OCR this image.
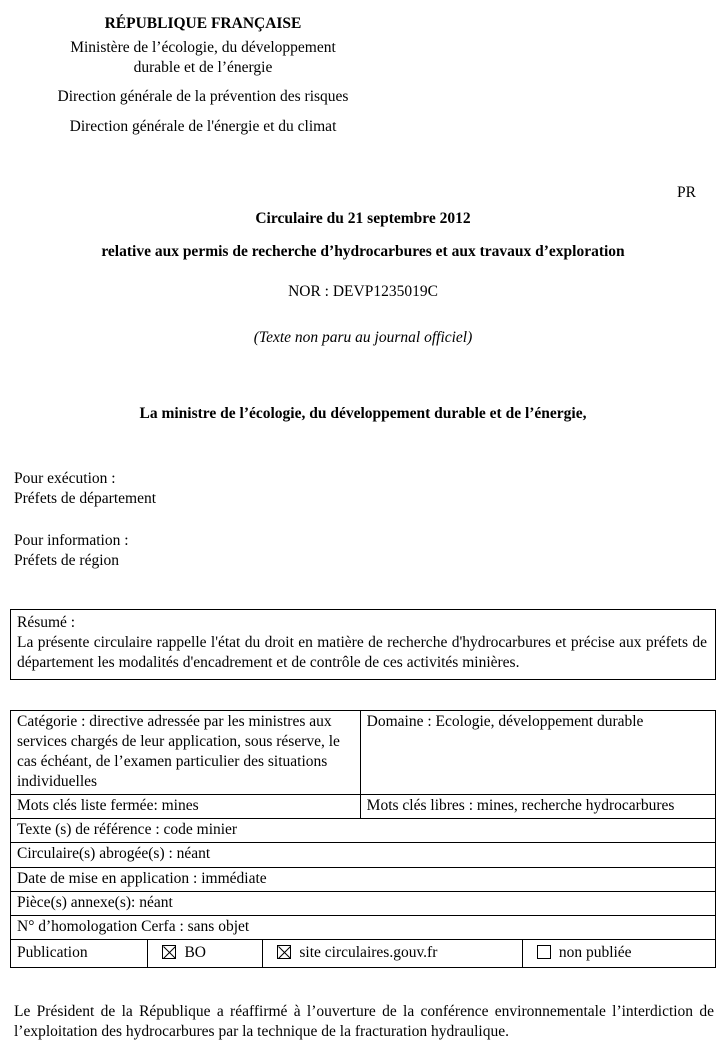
RÉPUBLIQUE FRANÇAISE
Ministère de l’écologie, du développement
durable et de l’énergie
Direction générale de la prévention des risques
Direction générale de l'énergie et du climat
PR
Circulaire du 21 septembre 2012
relative aux permis de recherche d’hydrocarbures et aux travaux d’exploration
NOR : DEVP1235019C
(Texte non paru au journal officiel)
La ministre de l’écologie, du développement durable et de l’énergie,
Pour exécution :
Préfets de département
Pour information :
Préfets de région
Résumé :
La présente circulaire rappelle l'état du droit en matière de recherche d'hydrocarbures et précise aux préfets de département les modalités d'encadrement et de contrôle de ces activités minières.
Catégorie : directive adressée par les ministres aux services chargés de leur application, sous réserve, le cas échéant, de l’examen particulier des situations individuelles	Domaine : Ecologie, développement durable
Mots clés liste fermée: mines	Mots clés libres : mines, recherche hydrocarbures
Texte (s) de référence : code minier	
Circulaire(s) abrogée(s) : néant	
Date de mise en application : immédiate	
Pièce(s) annexe(s): néant	
N° d’homologation Cerfa : sans objet	
Publication	BO	site circulaires.gouv.fr	non publiée
Le Président de la République a réaffirmé à l’ouverture de la conférence environnementale l’interdiction de l’exploitation des hydrocarbures par la technique de la fracturation hydraulique.
